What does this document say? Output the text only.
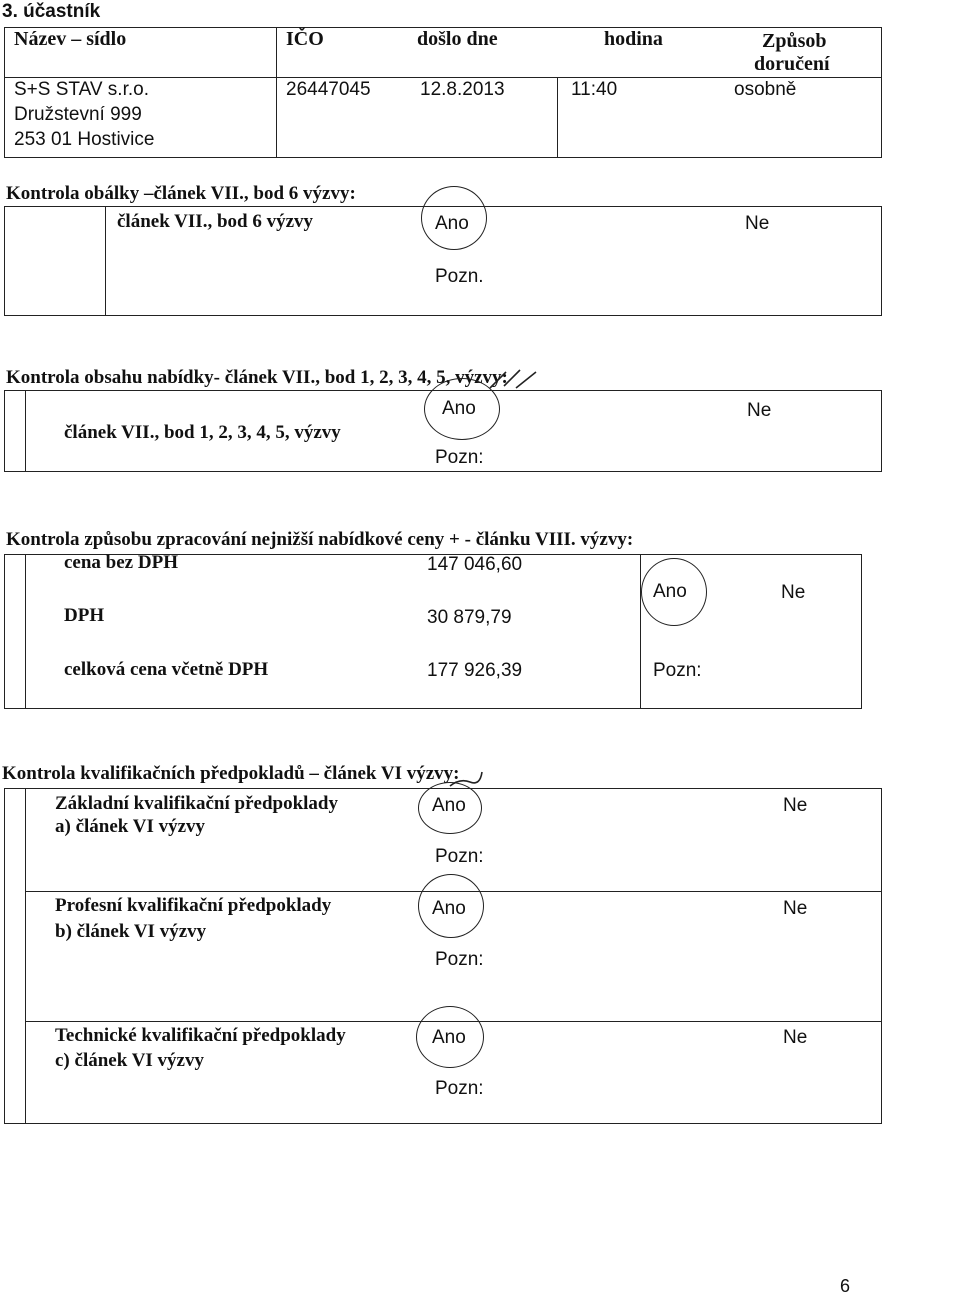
3. účastník
Název – sídlo	IČO	došlo dne	hodina	Způsob
doručení
S+S STAV s.r.o.
Družstevní 999
253 01 Hostivice
26447045	12.8.2013	11:40	osobně
Kontrola obálky –článek VII., bod 6 výzvy:
článek VII., bod 6 výzvy	Ano	Ne
Pozn.
Kontrola obsahu nabídky- článek VII., bod 1, 2, 3, 4, 5, výzvy:
článek VII., bod 1, 2, 3, 4, 5, výzvy
Ano	Ne
Pozn:
Kontrola způsobu zpracování nejnižší nabídkové ceny + - článku VIII. výzvy:
cena bez DPH	147 046,60
DPH	30 879,79
celková cena včetně DPH	177 926,39
Ano	Ne
Pozn:
Kontrola kvalifikačních předpokladů – článek VI výzvy:
Základní kvalifikační předpoklady
a) článek VI výzvy
Ano	Ne
Pozn:
Profesní kvalifikační předpoklady
b) článek VI výzvy
Ano	Ne
Pozn:
Technické kvalifikační předpoklady
c) článek VI výzvy
Ano	Ne
Pozn:
6
